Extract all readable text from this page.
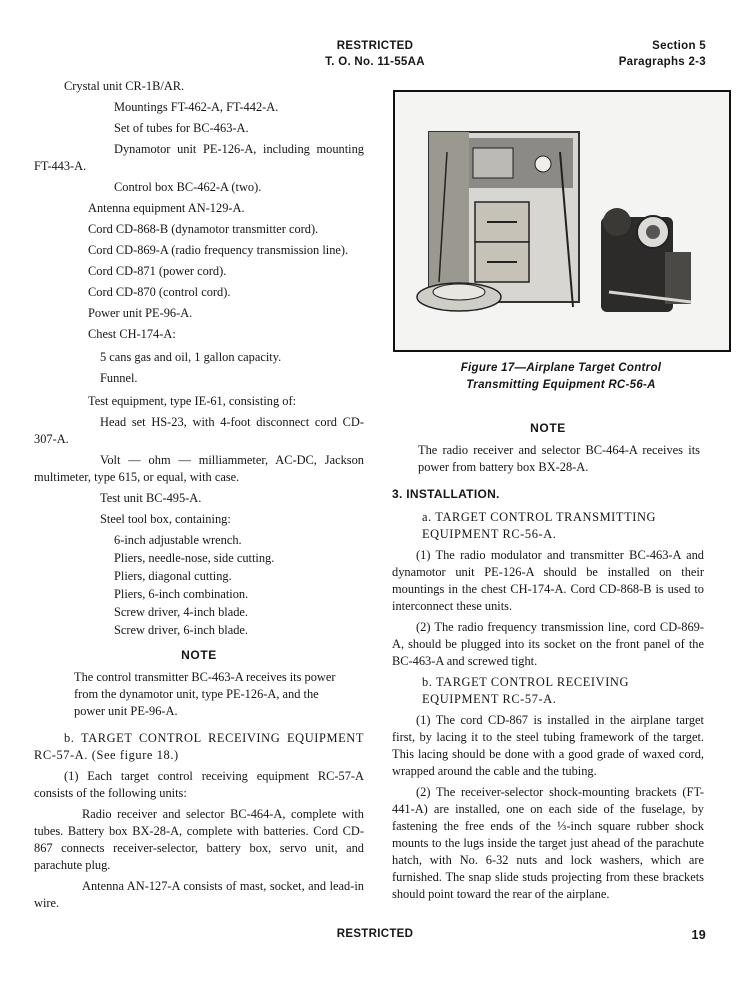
RESTRICTED
T. O. No. 11-55AA
Section 5
Paragraphs 2-3

Crystal unit CR-1B/AR.

Mountings FT-462-A, FT-442-A.

Set of tubes for BC-463-A.

Dynamotor unit PE-126-A, including mounting FT-443-A.

Control box BC-462-A (two).

Antenna equipment AN-129-A.

Cord CD-868-B (dynamotor transmitter cord).

Cord CD-869-A (radio frequency transmission line).

Cord CD-871 (power cord).

Cord CD-870 (control cord).

Power unit PE-96-A.

Chest CH-174-A:

5 cans gas and oil, 1 gallon capacity.

Funnel.

Test equipment, type IE-61, consisting of:

Head set HS-23, with 4-foot disconnect cord CD-307-A.

Volt — ohm — milliammeter, AC-DC, Jackson multimeter, type 615, or equal, with case.

Test unit BC-495-A.

Steel tool box, containing:

6-inch adjustable wrench.

Pliers, needle-nose, side cutting.

Pliers, diagonal cutting.

Pliers, 6-inch combination.

Screw driver, 4-inch blade.

Screw driver, 6-inch blade.

NOTE

The control transmitter BC-463-A receives its power from the dynamotor unit, type PE-126-A, and the power unit PE-96-A.

b. TARGET CONTROL RECEIVING EQUIPMENT RC-57-A. (See figure 18.)

(1) Each target control receiving equipment RC-57-A consists of the following units:

Radio receiver and selector BC-464-A, complete with tubes. Battery box BX-28-A, complete with batteries. Cord CD-867 connects receiver-selector, battery box, servo unit, and parachute plug.

Antenna AN-127-A consists of mast, socket, and lead-in wire.

Figure 17—Airplane Target Control
Transmitting Equipment RC-56-A
NOTE

The radio receiver and selector BC-464-A receives its power from battery box BX-28-A.

3. INSTALLATION.

a. TARGET CONTROL TRANSMITTING EQUIPMENT RC-56-A.

(1) The radio modulator and transmitter BC-463-A and dynamotor unit PE-126-A should be installed on their mountings in the chest CH-174-A. Cord CD-868-B is used to interconnect these units.

(2) The radio frequency transmission line, cord CD-869-A, should be plugged into its socket on the front panel of the BC-463-A and screwed tight.

b. TARGET CONTROL RECEIVING EQUIPMENT RC-57-A.

(1) The cord CD-867 is installed in the airplane target first, by lacing it to the steel tubing framework of the target. This lacing should be done with a good grade of waxed cord, wrapped around the cable and the tubing.

(2) The receiver-selector shock-mounting brackets (FT-441-A) are installed, one on each side of the fuselage, by fastening the free ends of the ⅓-inch square rubber shock mounts to the lugs inside the target just ahead of the parachute hatch, with No. 6-32 nuts and lock washers, which are furnished. The snap slide studs projecting from these brackets should point toward the rear of the airplane.

RESTRICTED	19
